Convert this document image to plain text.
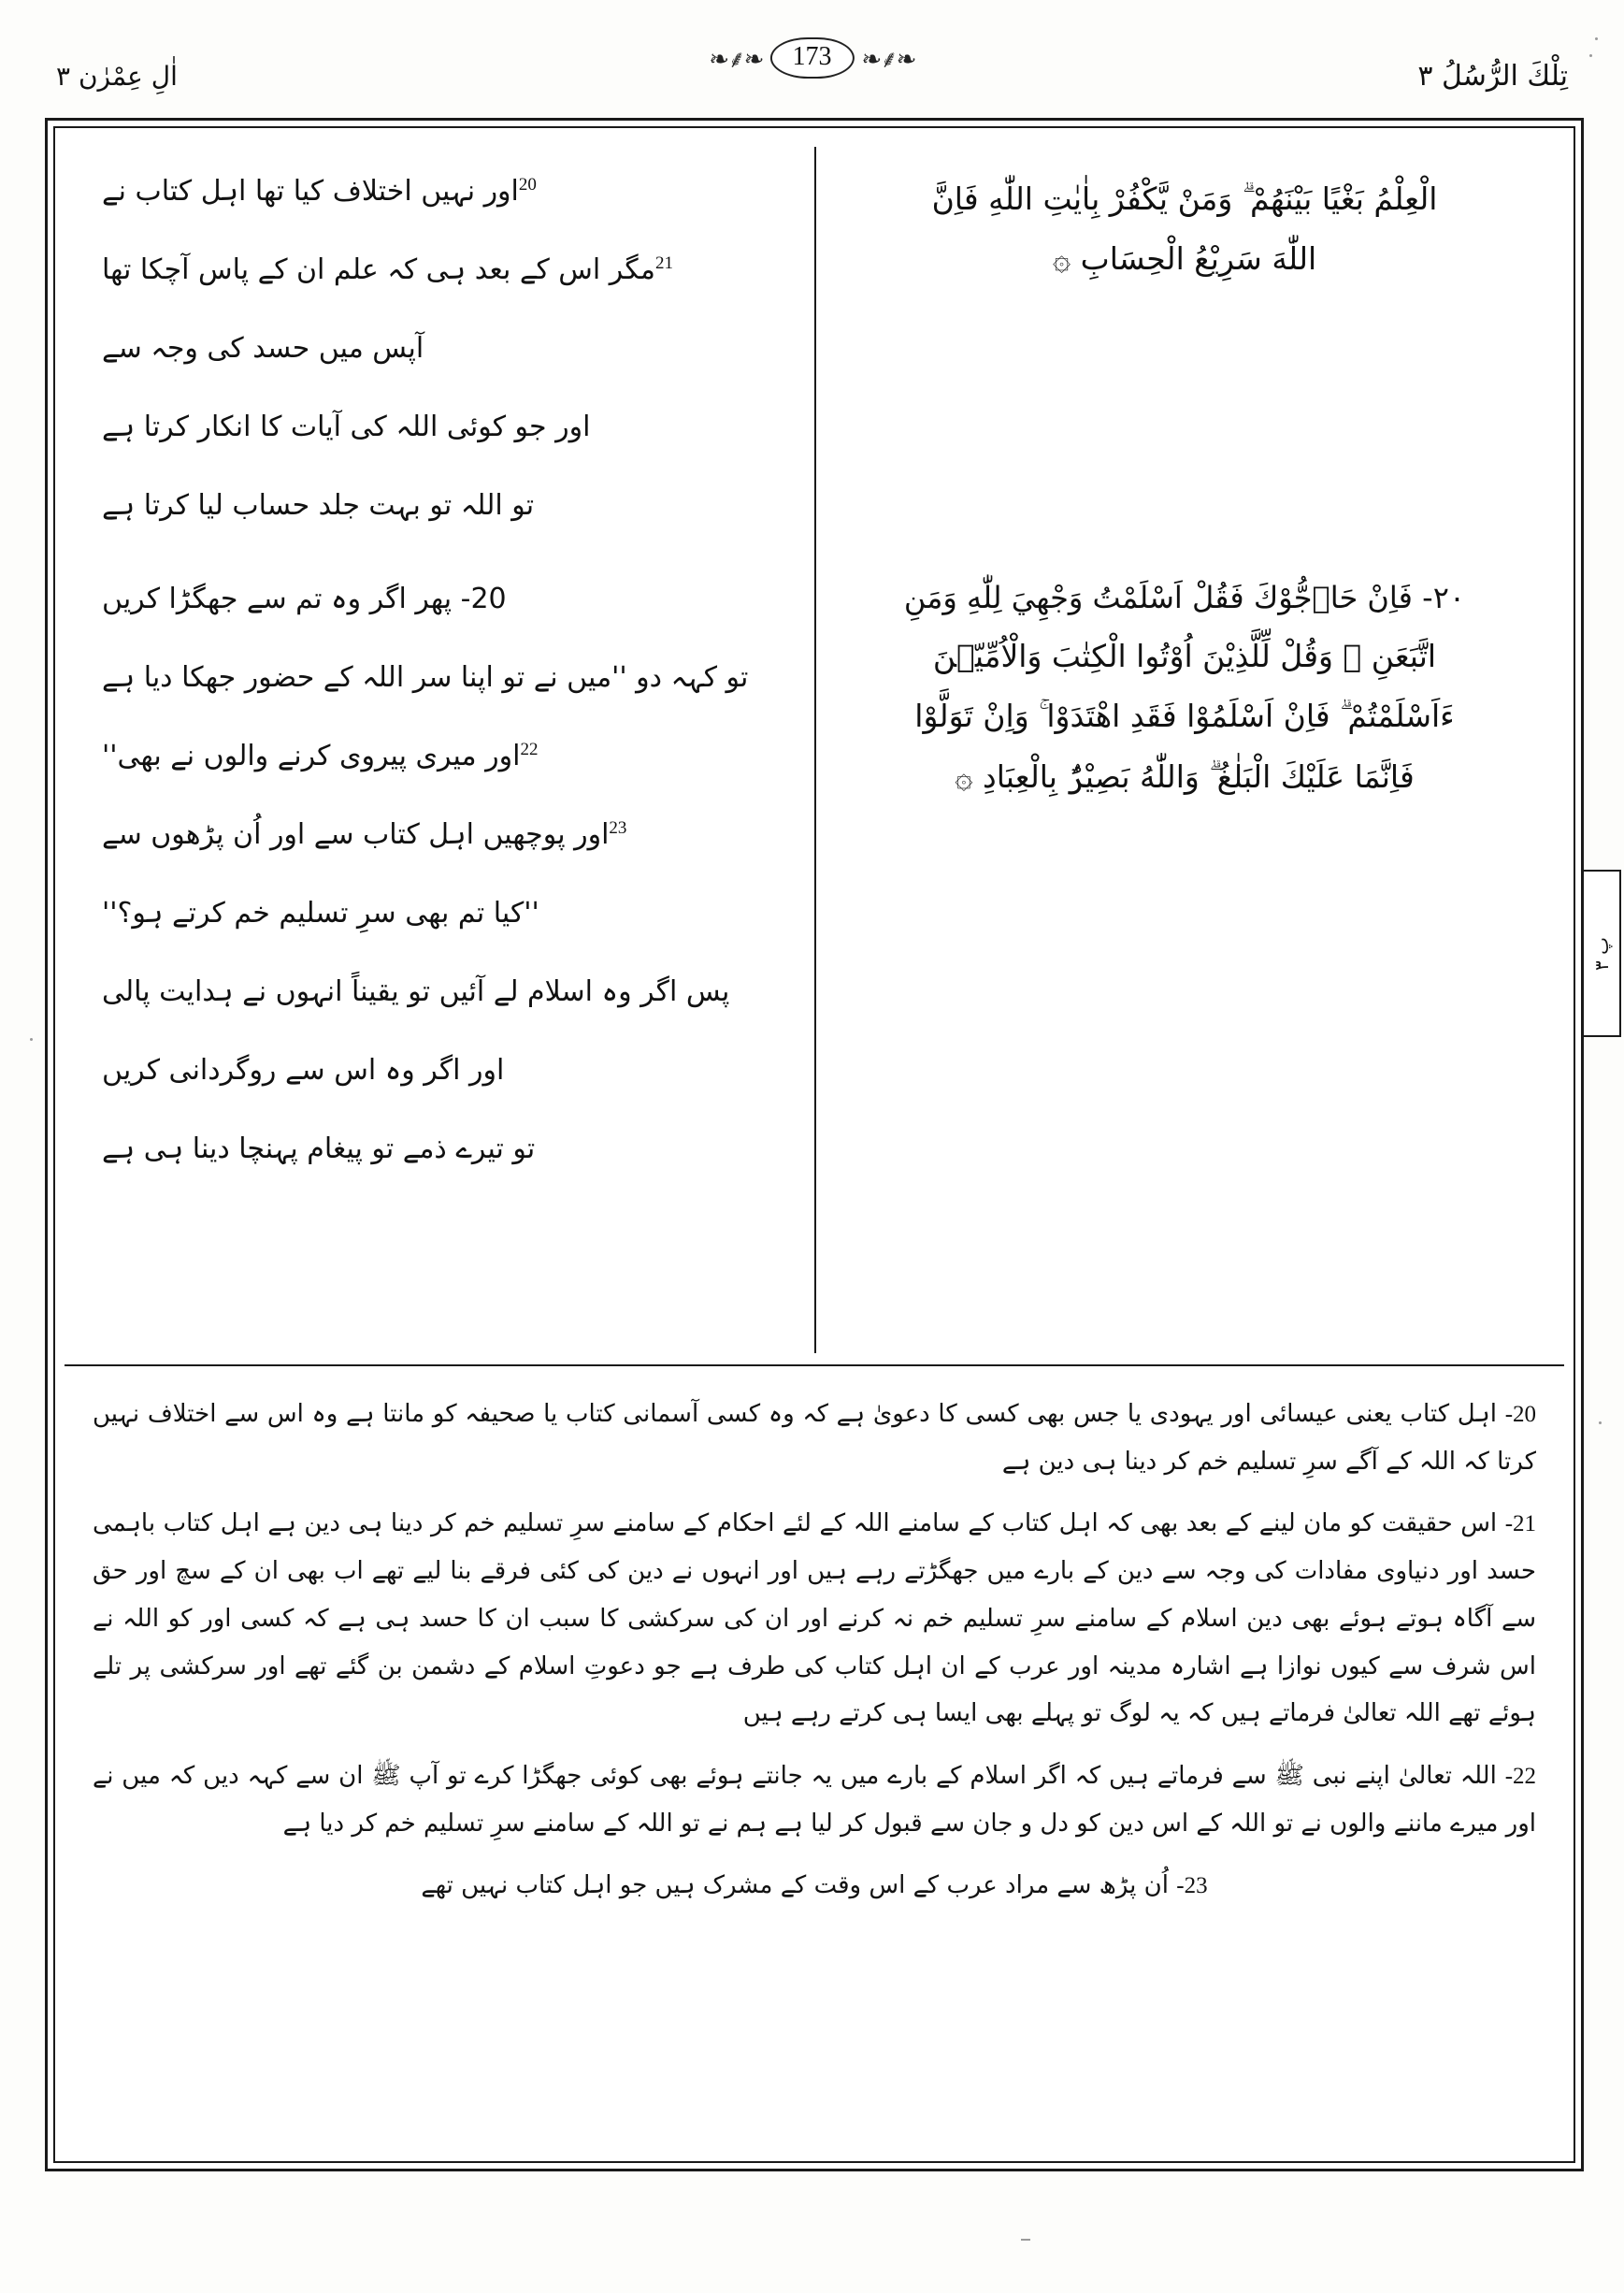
تِلْكَ الرُّسُلُ ٣
اٰلِ عِمْرٰن ٣
❧⸙❧	173	❧⸙❧
الْعِلْمُ بَغْيًا بَيْنَهُمْ ۗ وَمَنْ يَّكْفُرْ بِاٰيٰتِ اللّٰهِ فَاِنَّ
اللّٰهَ سَرِيْعُ الْحِسَابِ ۞
٢٠- فَاِنْ حَاۤجُّوْكَ فَقُلْ اَسْلَمْتُ وَجْهِيَ لِلّٰهِ وَمَنِ
اتَّبَعَنِ ۗ وَقُلْ لِّلَّذِيْنَ اُوْتُوا الْكِتٰبَ وَالْاُمِّيّٖنَ
ءَاَسْلَمْتُمْ ۗ فَاِنْ اَسْلَمُوْا فَقَدِ اهْتَدَوْا ۚ وَاِنْ تَوَلَّوْا
فَاِنَّمَا عَلَيْكَ الْبَلٰغُ ۗ وَاللّٰهُ بَصِيْرٌۢ بِالْعِبَادِ ۞
$^{20}$اور نہیں اختلاف کیا تھا اہل کتاب نے
$^{21}$مگر اس کے بعد ہی کہ علم ان کے پاس آچکا تھا
آپس میں حسد کی وجہ سے
اور جو کوئی اللہ کی آیات کا انکار کرتا ہے
تو اللہ تو بہت جلد حساب لیا کرتا ہے
20- پھر اگر وہ تم سے جھگڑا کریں
تو کہہ دو ''میں نے تو اپنا سر اللہ کے حضور جھکا دیا ہے
$^{22}$اور میری پیروی کرنے والوں نے بھی''
$^{23}$اور پوچھیں اہل کتاب سے اور اُن پڑھوں سے
''کیا تم بھی سرِ تسلیم خم کرتے ہو؟''
پس اگر وہ اسلام لے آئیں تو یقیناً انہوں نے ہدایت پالی
اور اگر وہ اس سے روگردانی کریں
تو تیرے ذمے تو پیغام پہنچا دینا ہی ہے
20- اہل کتاب یعنی عیسائی اور یہودی یا جس بھی کسی کا دعویٰ ہے کہ وہ کسی آسمانی کتاب یا صحیفہ کو مانتا ہے وہ اس سے اختلاف نہیں کرتا کہ اللہ کے آگے سرِ تسلیم خم کر دینا ہی دین ہے
21- اس حقیقت کو مان لینے کے بعد بھی کہ اہل کتاب کے سامنے اللہ کے لئے احکام کے سامنے سرِ تسلیم خم کر دینا ہی دین ہے اہل کتاب باہمی حسد اور دنیاوی مفادات کی وجہ سے دین کے بارے میں جھگڑتے رہے ہیں اور انہوں نے دین کی کئی فرقے بنا لیے تھے اب بھی ان کے سچ اور حق سے آگاہ ہوتے ہوئے بھی دین اسلام کے سامنے سرِ تسلیم خم نہ کرنے اور ان کی سرکشی کا سبب ان کا حسد ہی ہے کہ کسی اور کو اللہ نے اس شرف سے کیوں نوازا ہے اشارہ مدینہ اور عرب کے ان اہل کتاب کی طرف ہے جو دعوتِ اسلام کے دشمن بن گئے تھے اور سرکشی پر تلے ہوئے تھے اللہ تعالیٰ فرماتے ہیں کہ یہ لوگ تو پہلے بھی ایسا ہی کرتے رہے ہیں
22- اللہ تعالیٰ اپنے نبی ﷺ سے فرماتے ہیں کہ اگر اسلام کے بارے میں یہ جانتے ہوئے بھی کوئی جھگڑا کرے تو آپ ﷺ ان سے کہہ دیں کہ میں نے اور میرے ماننے والوں نے تو اللہ کے اس دین کو دل و جان سے قبول کر لیا ہے ہم نے تو اللہ کے سامنے سرِ تسلیم خم کر دیا ہے
23- اُن پڑھ سے مراد عرب کے اس وقت کے مشرک ہیں جو اہل کتاب نہیں تھے
پ ٣
